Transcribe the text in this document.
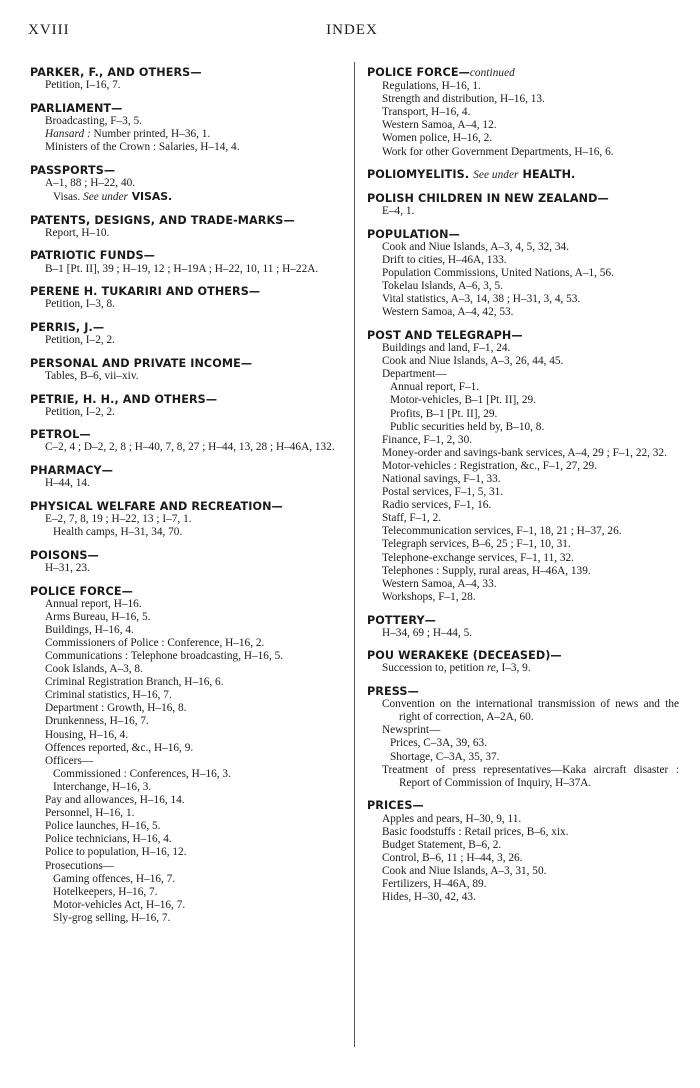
XVIII	INDEX
PARKER, F., AND OTHERS—
Petition, I–16, 7.
PARLIAMENT—
Broadcasting, F–3, 5.
Hansard : Number printed, H–36, 1.
Ministers of the Crown : Salaries, H–14, 4.
PASSPORTS—
A–1, 88 ; H–22, 40.
Visas. See under VISAS.
PATENTS, DESIGNS, AND TRADE-MARKS—
Report, H–10.
PATRIOTIC FUNDS—
B–1 [Pt. II], 39 ; H–19, 12 ; H–19A ; H–22, 10, 11 ; H–22A.
PERENE H. TUKARIRI AND OTHERS—
Petition, I–3, 8.
PERRIS, J.—
Petition, I–2, 2.
PERSONAL AND PRIVATE INCOME—
Tables, B–6, vii–xiv.
PETRIE, H. H., AND OTHERS—
Petition, I–2, 2.
PETROL—
C–2, 4 ; D–2, 2, 8 ; H–40, 7, 8, 27 ; H–44, 13, 28 ; H–46A, 132.
PHARMACY—
H–44, 14.
PHYSICAL WELFARE AND RECREATION—
E–2, 7, 8, 19 ; H–22, 13 ; I–7, 1.
Health camps, H–31, 34, 70.
POISONS—
H–31, 23.
POLICE FORCE—
Annual report, H–16.
Arms Bureau, H–16, 5.
Buildings, H–16, 4.
Commissioners of Police : Conference, H–16, 2.
Communications : Telephone broadcasting, H–16, 5.
Cook Islands, A–3, 8.
Criminal Registration Branch, H–16, 6.
Criminal statistics, H–16, 7.
Department : Growth, H–16, 8.
Drunkenness, H–16, 7.
Housing, H–16, 4.
Offences reported, &c., H–16, 9.
Officers—
Commissioned : Conferences, H–16, 3.
Interchange, H–16, 3.
Pay and allowances, H–16, 14.
Personnel, H–16, 1.
Police launches, H–16, 5.
Police technicians, H–16, 4.
Police to population, H–16, 12.
Prosecutions—
Gaming offences, H–16, 7.
Hotelkeepers, H–16, 7.
Motor-vehicles Act, H–16, 7.
Sly-grog selling, H–16, 7.
POLICE FORCE—continued
Regulations, H–16, 1.
Strength and distribution, H–16, 13.
Transport, H–16, 4.
Western Samoa, A–4, 12.
Women police, H–16, 2.
Work for other Government Departments, H–16, 6.
POLIOMYELITIS. See under HEALTH.
POLISH CHILDREN IN NEW ZEALAND—
E–4, 1.
POPULATION—
Cook and Niue Islands, A–3, 4, 5, 32, 34.
Drift to cities, H–46A, 133.
Population Commissions, United Nations, A–1, 56.
Tokelau Islands, A–6, 3, 5.
Vital statistics, A–3, 14, 38 ; H–31, 3, 4, 53.
Western Samoa, A–4, 42, 53.
POST AND TELEGRAPH—
Buildings and land, F–1, 24.
Cook and Niue Islands, A–3, 26, 44, 45.
Department—
Annual report, F–1.
Motor-vehicles, B–1 [Pt. II], 29.
Profits, B–1 [Pt. II], 29.
Public securities held by, B–10, 8.
Finance, F–1, 2, 30.
Money-order and savings-bank services, A–4, 29 ; F–1, 22, 32.
Motor-vehicles : Registration, &c., F–1, 27, 29.
National savings, F–1, 33.
Postal services, F–1, 5, 31.
Radio services, F–1, 16.
Staff, F–1, 2.
Telecommunication services, F–1, 18, 21 ; H–37, 26.
Telegraph services, B–6, 25 ; F–1, 10, 31.
Telephone-exchange services, F–1, 11, 32.
Telephones : Supply, rural areas, H–46A, 139.
Western Samoa, A–4, 33.
Workshops, F–1, 28.
POTTERY—
H–34, 69 ; H–44, 5.
POU WERAKEKE (DECEASED)—
Succession to, petition re, I–3, 9.
PRESS—
Convention on the international transmission of news and the right of correction, A–2A, 60.
Newsprint—
Prices, C–3A, 39, 63.
Shortage, C–3A, 35, 37.
Treatment of press representatives—Kaka aircraft disaster : Report of Commission of Inquiry, H–37A.
PRICES—
Apples and pears, H–30, 9, 11.
Basic foodstuffs : Retail prices, B–6, xix.
Budget Statement, B–6, 2.
Control, B–6, 11 ; H–44, 3, 26.
Cook and Niue Islands, A–3, 31, 50.
Fertilizers, H–46A, 89.
Hides, H–30, 42, 43.
